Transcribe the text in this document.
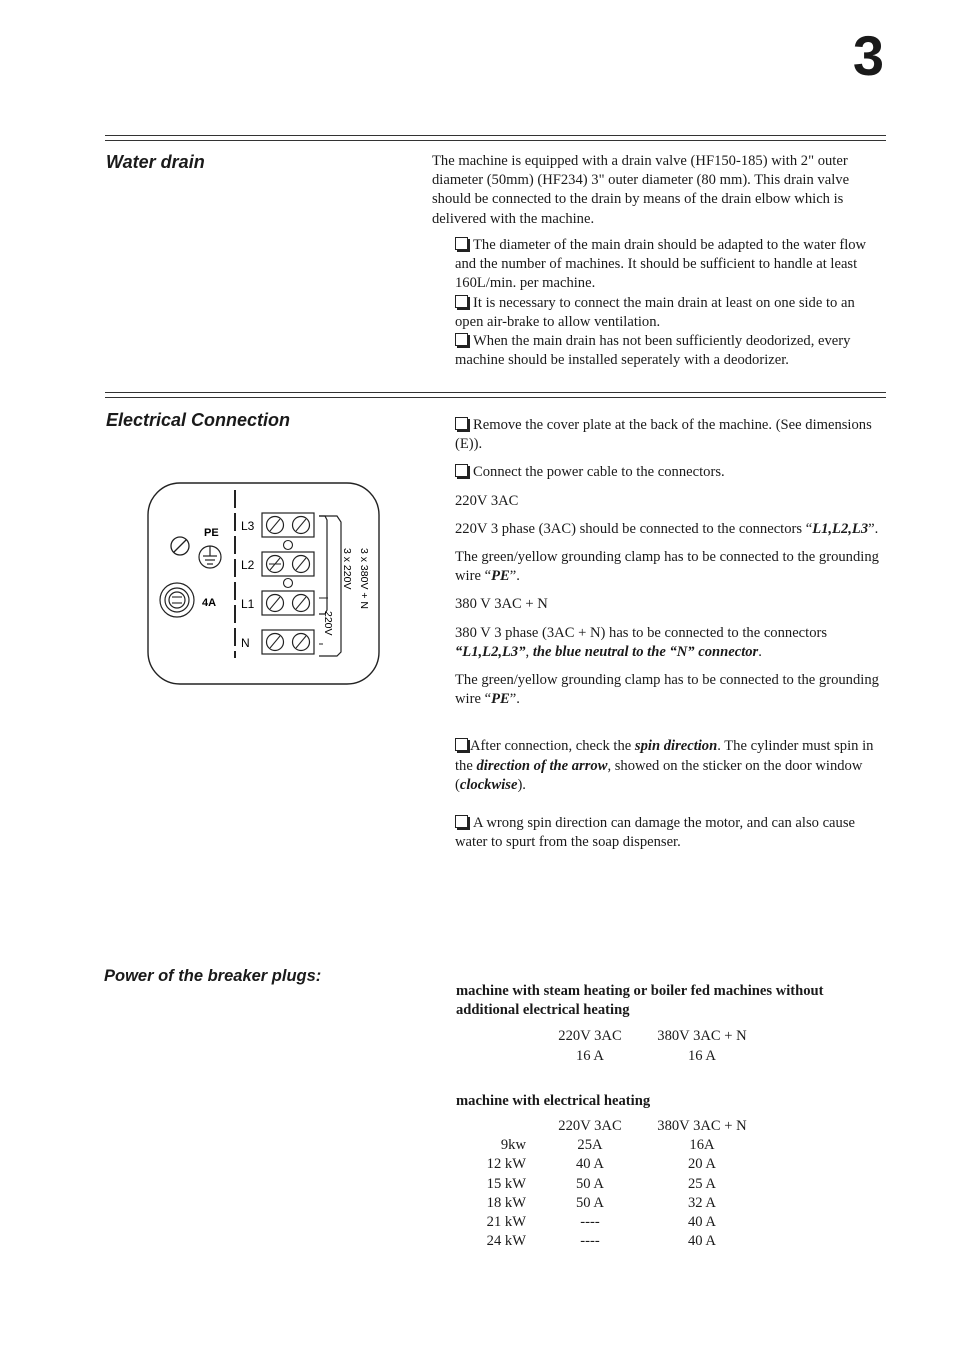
3
Water drain	The machine is equipped with a drain valve (HF150-185) with 2" outer diameter (50mm) (HF234) 3" outer diameter (80 mm). This drain valve should be connected to the drain by means of the drain elbow which is delivered with the machine.

The diameter of the main drain should be adapted to the water flow and the number of machines. It should be sufficient to handle at least 160L/min. per machine.

It is necessary to connect the main drain at least on one side to an open air-brake to allow ventilation.

When the main drain has not been sufficiently deodorized, every machine should be installed seperately with a deodorizer.

Electrical Connection	Remove the cover plate at the back of the machine. (See dimensions (E)).

Connect the power cable to the connectors.

220V 3AC

220V 3 phase (3AC) should be connected to the connectors “L1,L2,L3”.

The green/yellow grounding clamp has to be connected to the grounding wire “PE”.

380 V 3AC + N

380 V 3 phase (3AC + N) has to be connected to the connectors “L1,L2,L3”, the blue neutral to the “N” connector.

The green/yellow grounding clamp has to be connected to the grounding wire “PE”.

After connection, check the spin direction. The cylinder must spin in the direction of the arrow, showed on the sticker on the door window (clockwise).

A wrong spin direction can damage the motor, and can also cause water to spurt from the soap dispenser.

PE
4A
L3
L2
L1
N
3 x 220V 3 x 380V + N
220V
Power of the breaker plugs:

machine with steam heating or boiler fed machines without additional electrical heating

	220V 3AC	380V 3AC + N
	16 A	16 A

machine with electrical heating

	220V 3AC	380V 3AC + N
9kw	25A	16A
12 kW	40 A	20 A
15 kW	50 A	25 A
18 kW	50 A	32 A
21 kW	----	40 A
24 kW	----	40 A
